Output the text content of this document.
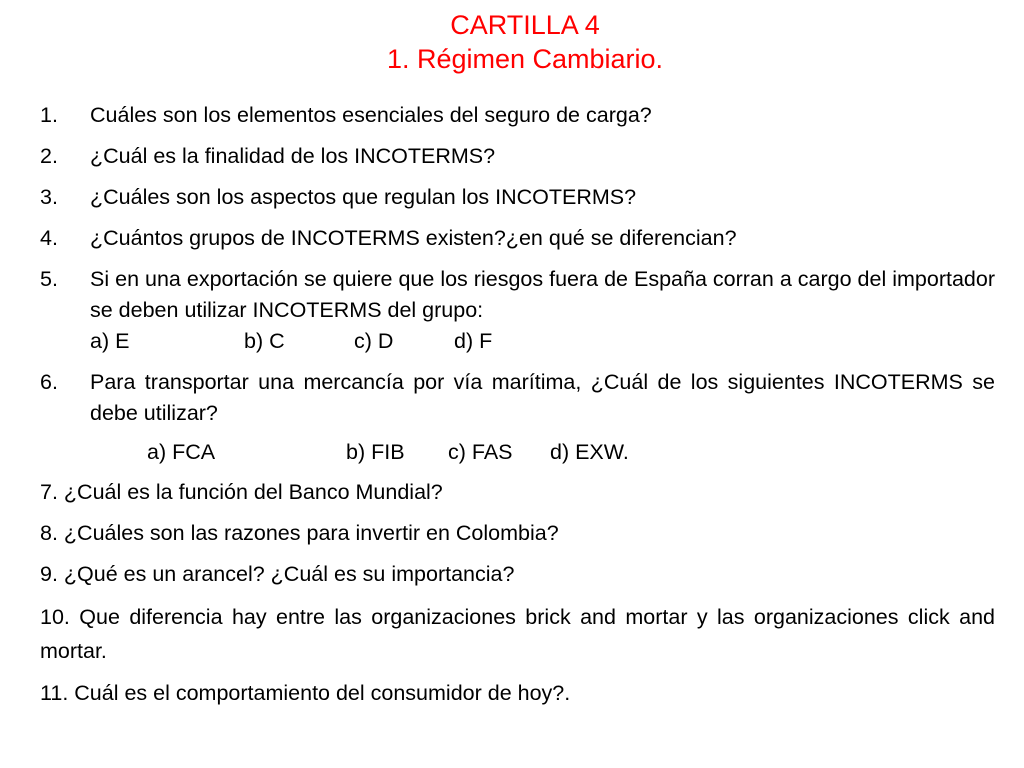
CARTILLA 4
1. Régimen Cambiario.
1.	Cuáles son los elementos esenciales del seguro de carga?
2.	¿Cuál es la finalidad de los INCOTERMS?
3.	¿Cuáles son los aspectos que regulan los INCOTERMS?
4.	¿Cuántos grupos de INCOTERMS existen?¿en qué se diferencian?
5.	Si en una exportación se quiere que los riesgos fuera de España corran a cargo del importador se deben utilizar INCOTERMS del grupo:
a) E	b) C	c) D	d) F
6.	Para transportar una mercancía por vía marítima, ¿Cuál de los siguientes INCOTERMS se debe utilizar?
a) FCA	b) FIB	c) FAS	d) EXW.
7. ¿Cuál es la función del Banco Mundial?
8. ¿Cuáles son las razones para invertir en Colombia?
9. ¿Qué es un arancel? ¿Cuál es su importancia?
10. Que diferencia hay entre las organizaciones brick and mortar y las organizaciones click and mortar.
11. Cuál es el comportamiento del consumidor de hoy?.
